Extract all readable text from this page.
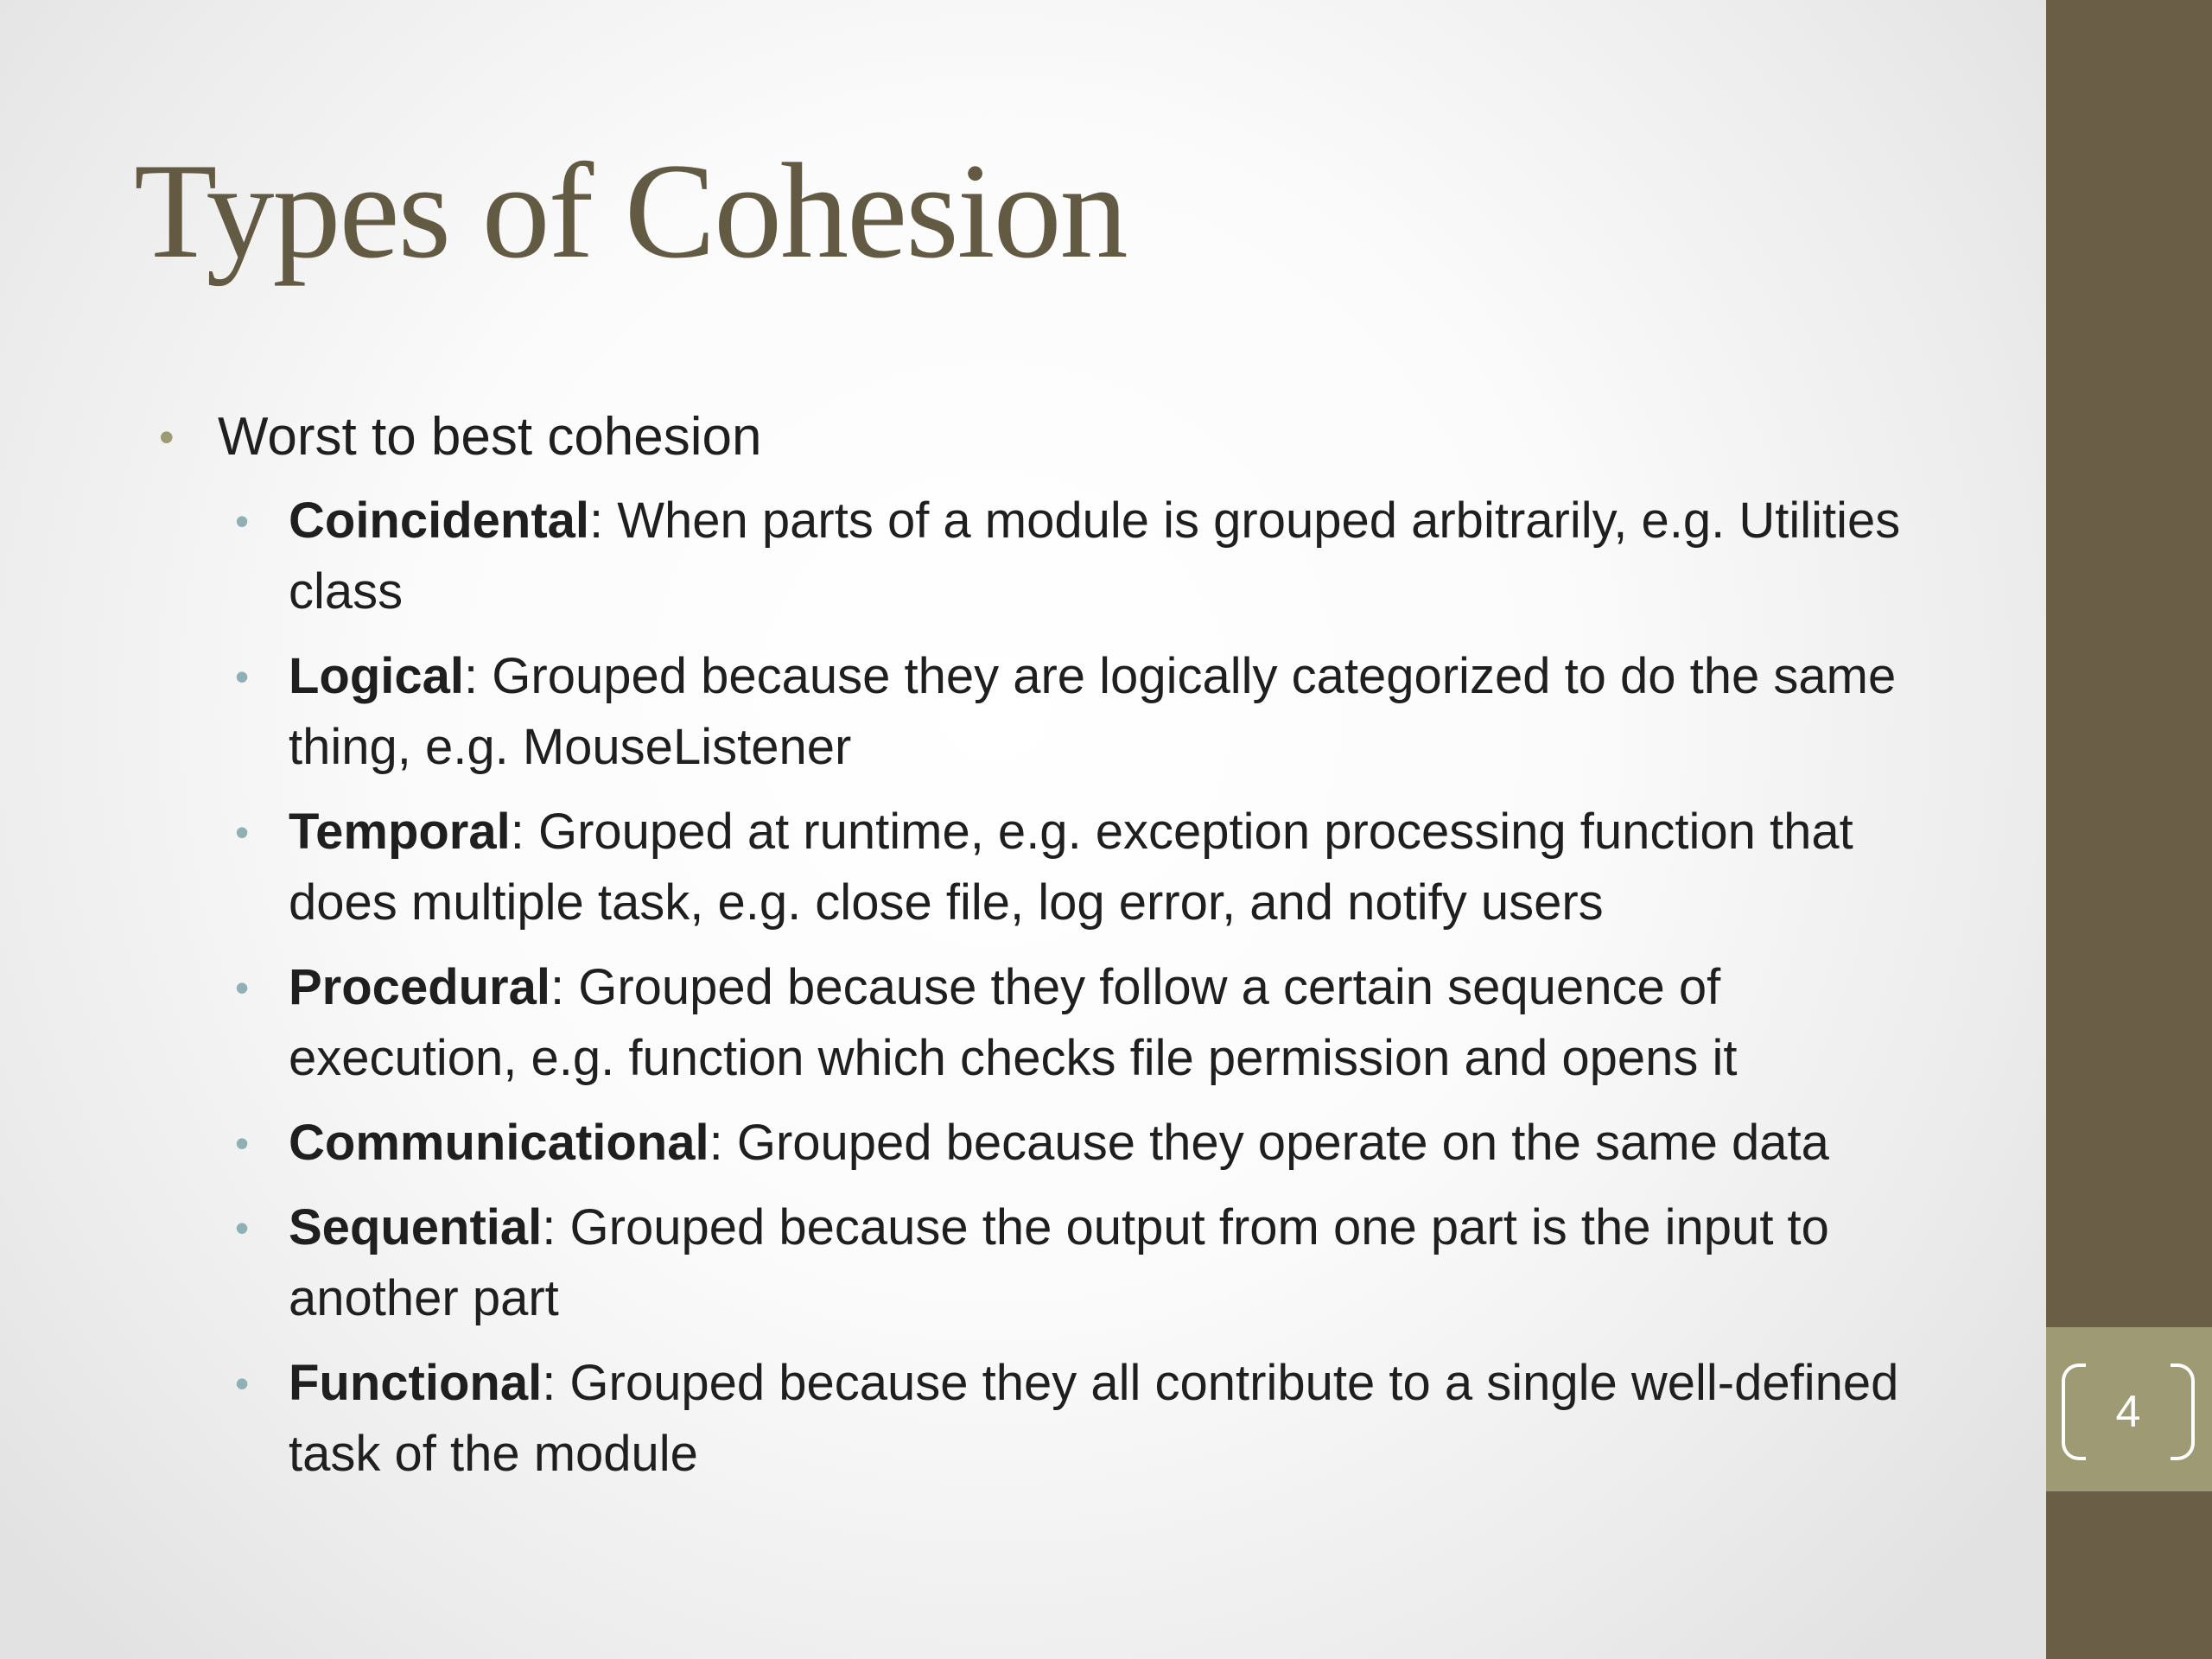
4
Types of Cohesion
• Worst to best cohesion
• Coincidental: When parts of a module is grouped arbitrarily, e.g. Utilities class
• Logical: Grouped because they are logically categorized to do the same thing, e.g. MouseListener
• Temporal: Grouped at runtime, e.g. exception processing function that does multiple task, e.g. close file, log error, and notify users
• Procedural: Grouped because they follow a certain sequence of execution, e.g. function which checks file permission and opens it
• Communicational: Grouped because they operate on the same data
• Sequential: Grouped because the output from one part is the input to another part
• Functional: Grouped because they all contribute to a single well-defined task of the module
